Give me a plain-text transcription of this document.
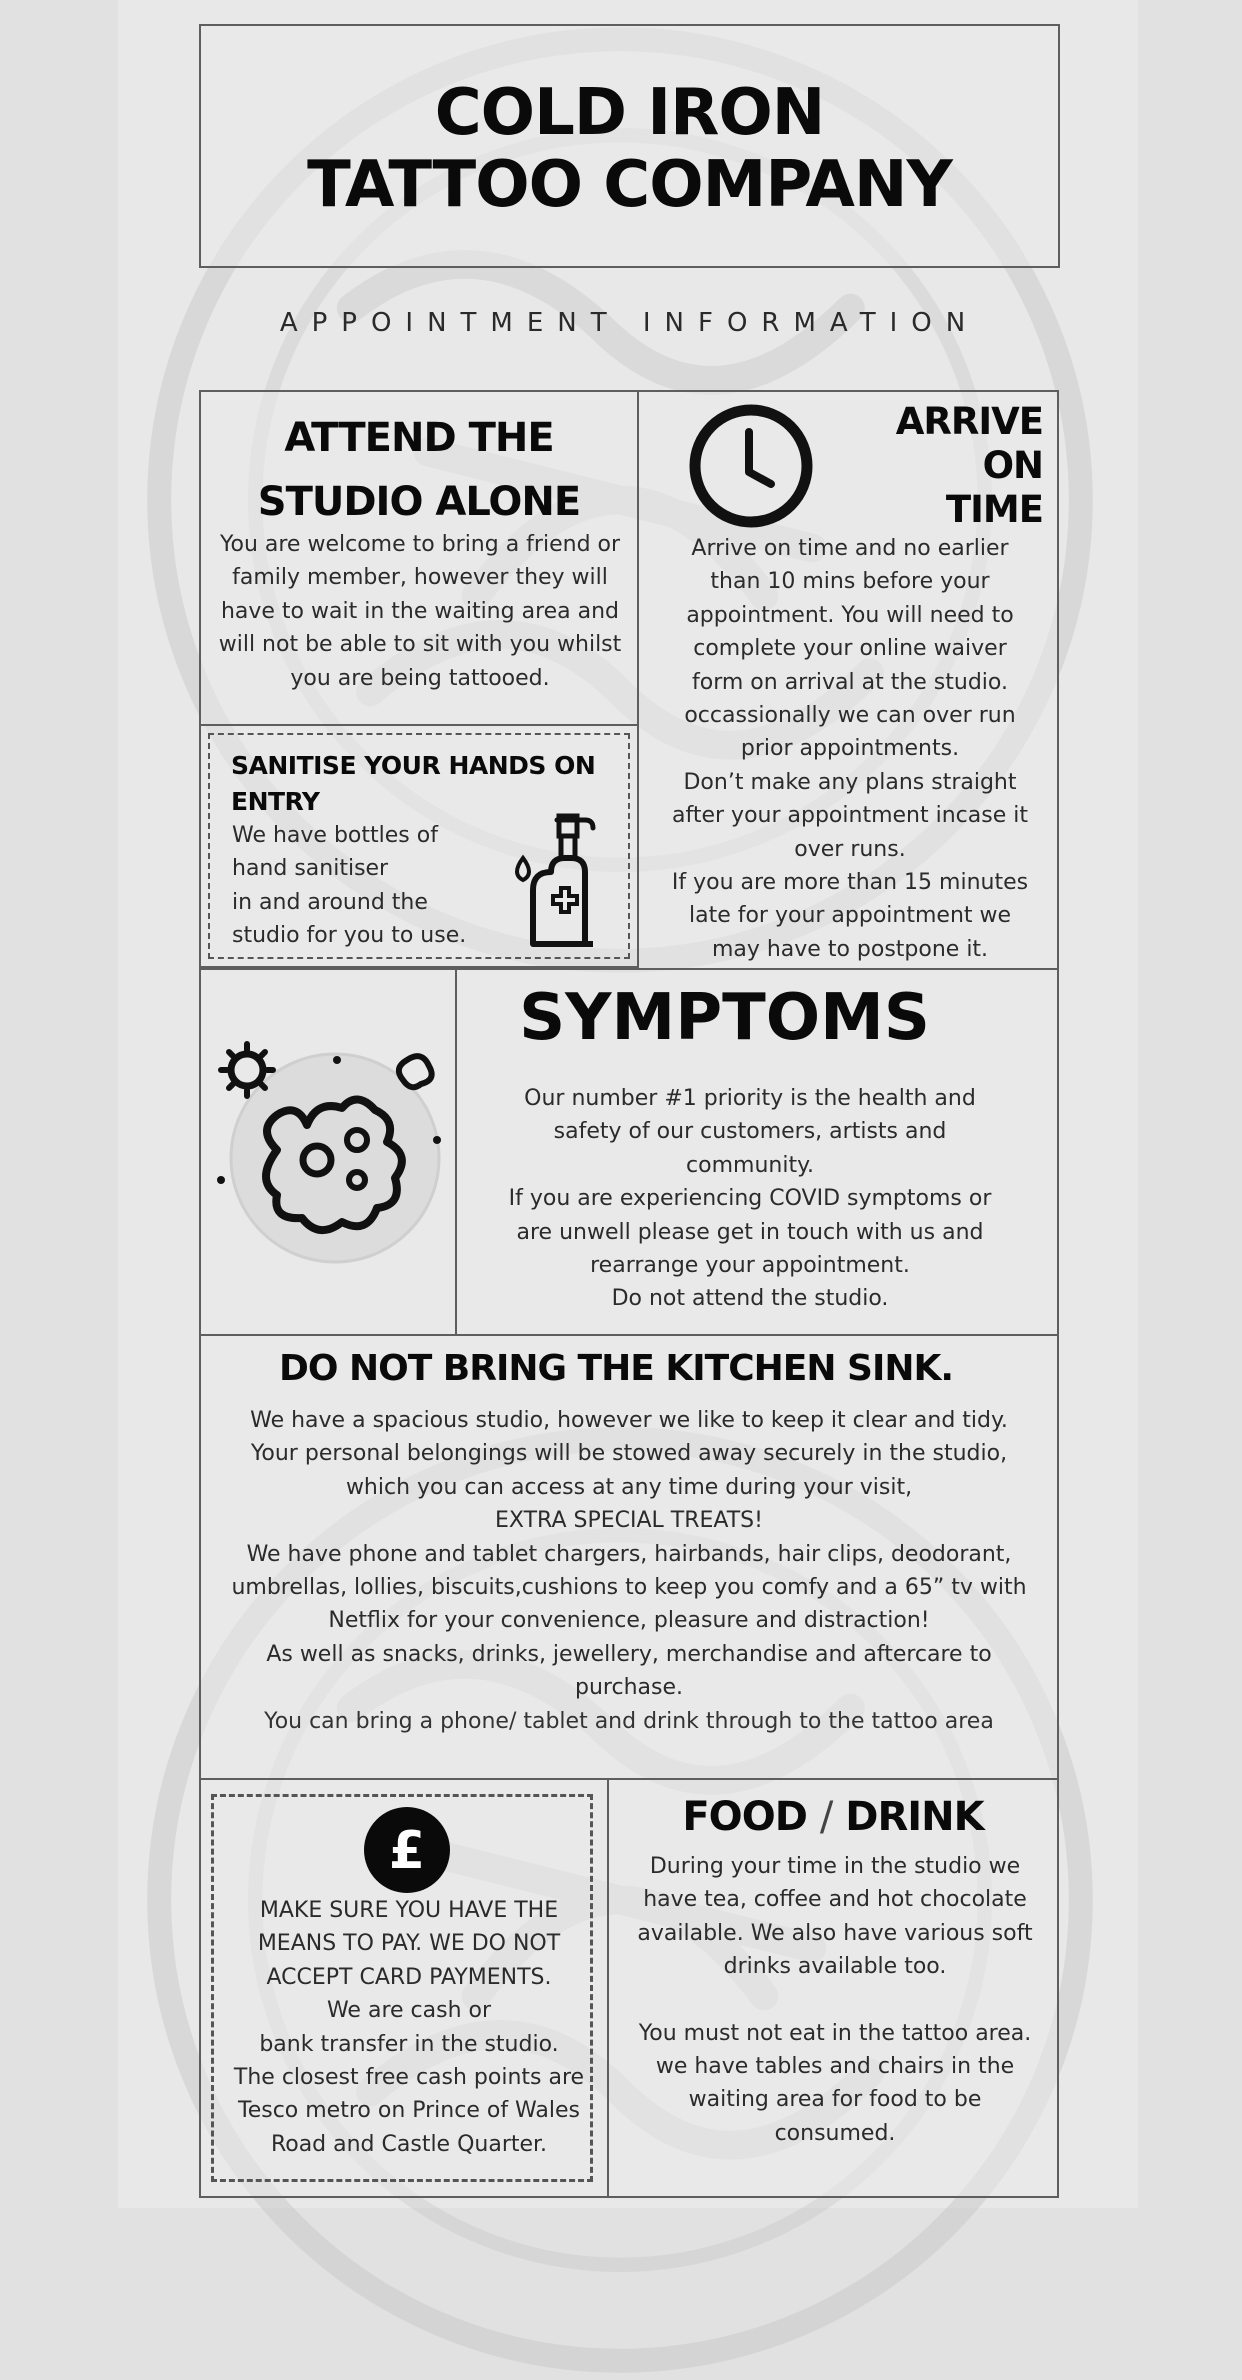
COLD IRON
TATTOO COMPANY
APPOINTMENT INFORMATION
ATTEND THE
STUDIO ALONE
You are welcome to bring a friend or
family member, however they will
have to wait in the waiting area and
will not be able to sit with you whilst
you are being tattooed.
SANITISE YOUR HANDS ON
ENTRY
We have bottles of
hand sanitiser
in and around the
studio for you to use.
ARRIVE
ON
TIME
Arrive on time and no earlier
than 10 mins before your
appointment. You will need to
complete your online waiver
form on arrival at the studio.
occassionally we can over run
prior appointments.
Don’t make any plans straight
after your appointment incase it
over runs.
If you are more than 15 minutes
late for your appointment we
may have to postpone it.
SYMPTOMS
Our number #1 priority is the health and
safety of our customers, artists and
community.
If you are experiencing COVID symptoms or
are unwell please get in touch with us and
rearrange your appointment.
Do not attend the studio.
DO NOT BRING THE KITCHEN SINK.
We have a spacious studio, however we like to keep it clear and tidy.
Your personal belongings will be stowed away securely in the studio,
which you can access at any time during your visit,
EXTRA SPECIAL TREATS!
We have phone and tablet chargers, hairbands, hair clips, deodorant,
umbrellas, lollies, biscuits,cushions to keep you comfy and a 65” tv with
Netflix for your convenience, pleasure and distraction!
As well as snacks, drinks, jewellery, merchandise and aftercare to
purchase.
You can bring a phone/ tablet and drink through to the tattoo area
£
MAKE SURE YOU HAVE THE
MEANS TO PAY. WE DO NOT
ACCEPT CARD PAYMENTS.
We are cash or
bank transfer in the studio.
The closest free cash points are
Tesco metro on Prince of Wales
Road and Castle Quarter.
FOOD / DRINK
During your time in the studio we
have tea, coffee and hot chocolate
available. We also have various soft
drinks available too.
You must not eat in the tattoo area.
we have tables and chairs in the
waiting area for food to be
consumed.
